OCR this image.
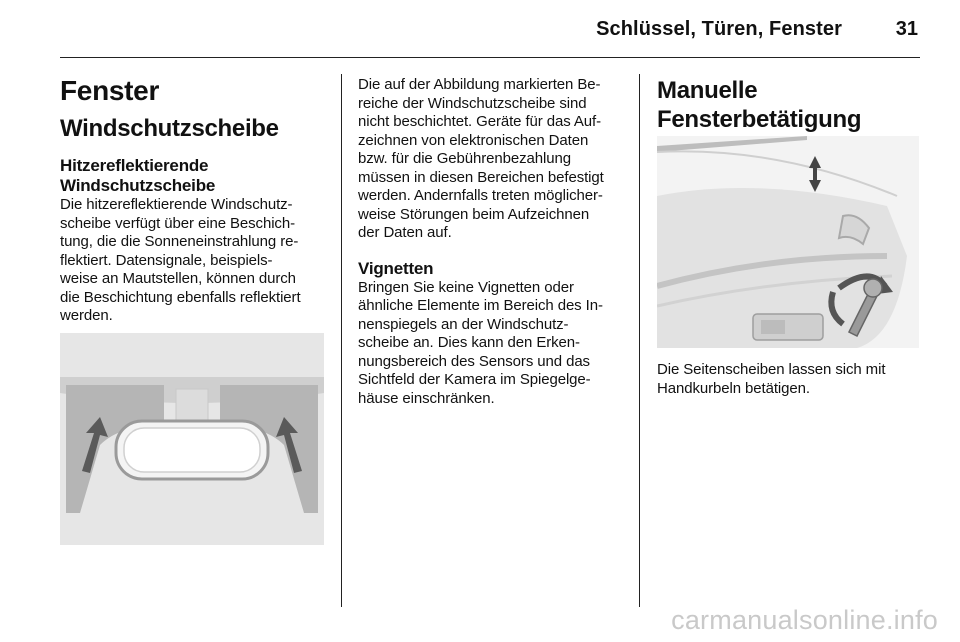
Schlüssel, Türen, Fenster	31
Fenster
Windschutzscheibe
Hitzereflektierende
Windschutzscheibe

Die hitzereflektierende Windschutz-
scheibe verfügt über eine Beschich-
tung, die die Sonneneinstrahlung re-
flektiert. Datensignale, beispiels-
weise an Mautstellen, können durch
die Beschichtung ebenfalls reflektiert
werden.

Die auf der Abbildung markierten Be-
reiche der Windschutzscheibe sind
nicht beschichtet. Geräte für das Auf-
zeichnen von elektronischen Daten
bzw. für die Gebührenbezahlung
müssen in diesen Bereichen befestigt
werden. Andernfalls treten möglicher-
weise Störungen beim Aufzeichnen
der Daten auf.

Vignetten

Bringen Sie keine Vignetten oder
ähnliche Elemente im Bereich des In-
nenspiegels an der Windschutz-
scheibe an. Dies kann den Erken-
nungsbereich des Sensors und das
Sichtfeld der Kamera im Spiegelge-
häuse einschränken.

Manuelle
Fensterbetätigung

Die Seitenscheiben lassen sich mit
Handkurbeln betätigen.

carmanualsonline.info
